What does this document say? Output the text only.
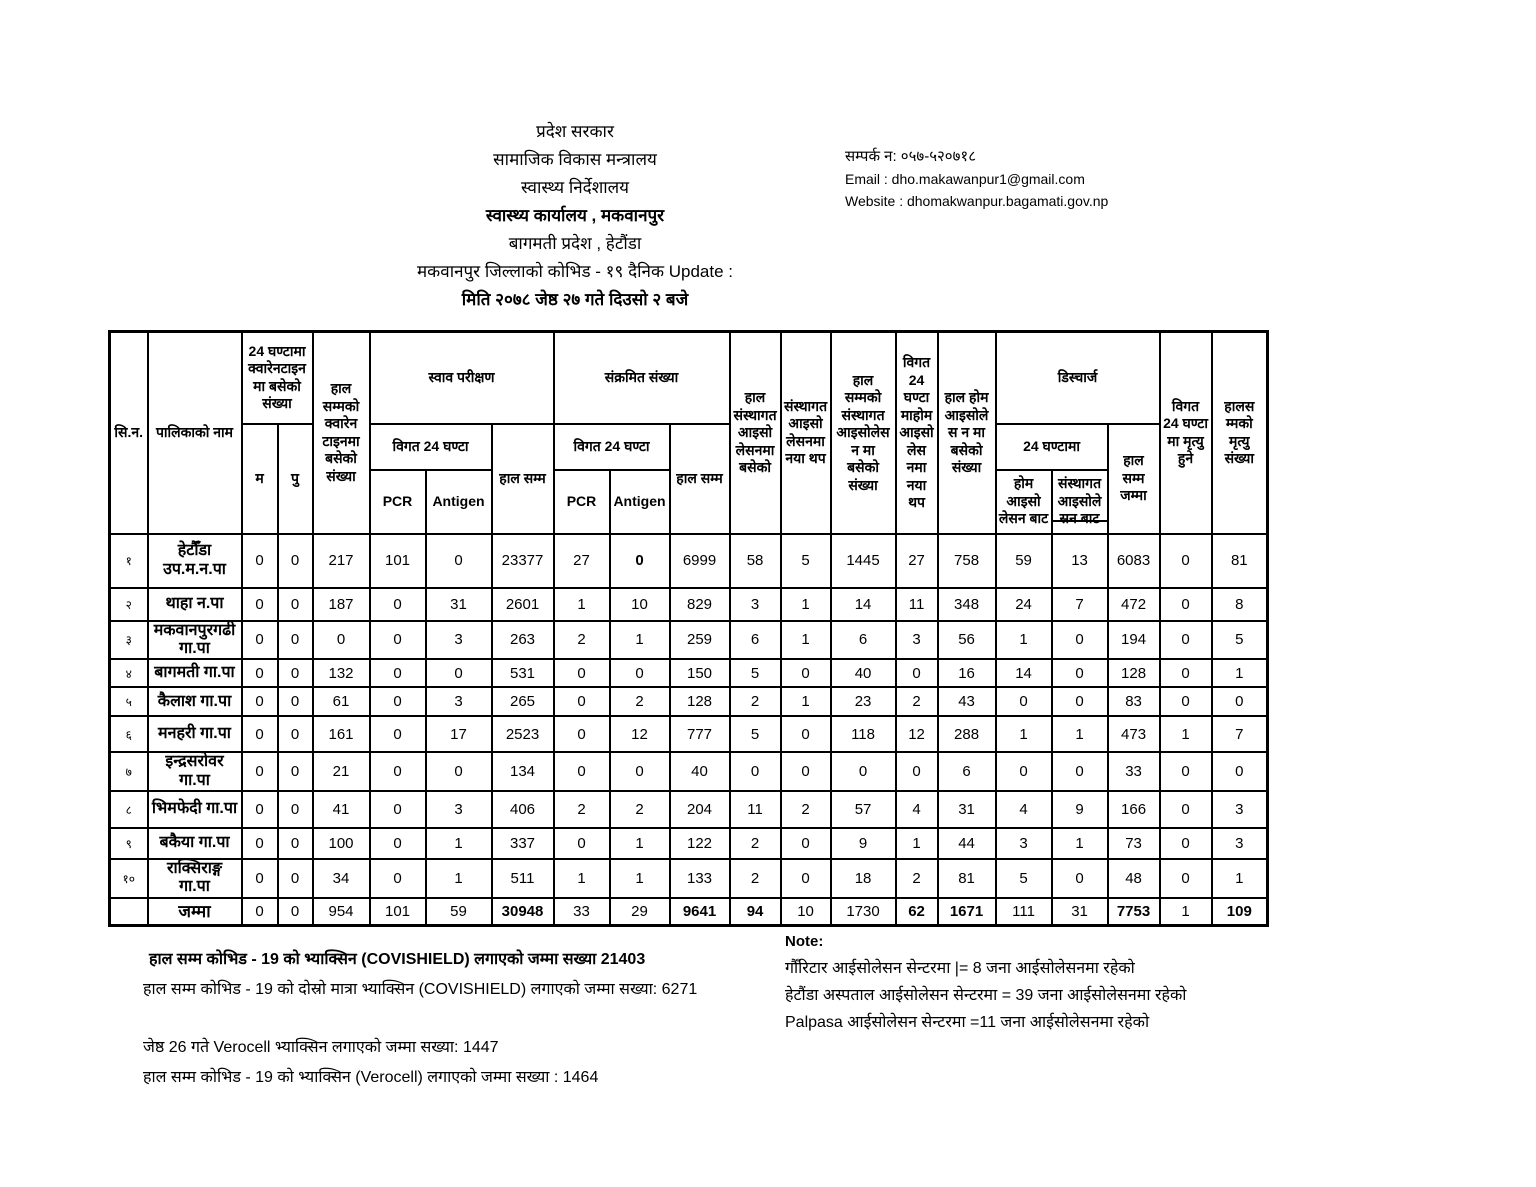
प्रदेश सरकार
सामाजिक विकास मन्त्रालय
स्वास्थ्य निर्देशालय
स्वास्थ्य कार्यालय , मकवानपुर
बागमती प्रदेश , हेटौंडा
मकवानपुर जिल्लाको कोभिड - १९ दैनिक Update :
मिति २०७८ जेष्ठ २७ गते दिउसो २ बजे
सम्पर्क न: ०५७-५२०७१८
Email : dho.makawanpur1@gmail.com
Website : dhomakwanpur.bagamati.gov.np
सि.न.	पालिकाको नाम	24 घण्टामा क्वारेनटाइनमा बसेको संख्या		हाल सम्मको क्वारेन टाइनमा बसेको संख्या	स्वाव परीक्षण			संक्रमित संख्या			हाल संस्थागत आइसो लेसनमा बसेको	संस्थागत आइसो लेसनमा नया थप	हाल सम्मको संस्थागत आइसोलेसन मा बसेको संख्या	विगत 24 घण्टामाहोम आइसोलेस नमा नया थप	हाल होम आइसोलेस न मा बसेको संख्या	डिस्चार्ज			विगत 24 घण्टा मा मृत्यु हुने	हालस म्मको मृत्यु संख्या
		म	पु		विगत 24 घण्टा		हाल सम्म	विगत 24 घण्टा		हाल सम्म						24 घण्टामा		हाल सम्म जम्मा		
					PCR	Antigen		PCR	Antigen							होम आइसो लेसन बाट	संस्थागत आइसोले सन बाट			
१	हेटौँडा उप.म.न.पा	0	0	217	101	0	23377	27	0	6999	58	5	1445	27	758	59	13	6083	0	81
२	थाहा न.पा	0	0	187	0	31	2601	1	10	829	3	1	14	11	348	24	7	472	0	8
३	मकवानपुरगढी गा.पा	0	0	0	0	3	263	2	1	259	6	1	6	3	56	1	0	194	0	5
४	बागमती गा.पा	0	0	132	0	0	531	0	0	150	5	0	40	0	16	14	0	128	0	1
५	कैलाश गा.पा	0	0	61	0	3	265	0	2	128	2	1	23	2	43	0	0	83	0	0
६	मनहरी गा.पा	0	0	161	0	17	2523	0	12	777	5	0	118	12	288	1	1	473	1	7
७	इन्द्रसरोवर गा.पा	0	0	21	0	0	134	0	0	40	0	0	0	0	6	0	0	33	0	0
८	भिमफेदी गा.पा	0	0	41	0	3	406	2	2	204	11	2	57	4	31	4	9	166	0	3
९	बकैया गा.पा	0	0	100	0	1	337	0	1	122	2	0	9	1	44	3	1	73	0	3
१०	राक्सिराङ्ग गा.पा	0	0	34	0	1	511	1	1	133	2	0	18	2	81	5	0	48	0	1
	जम्मा	0	0	954	101	59	30948	33	29	9641	94	10	1730	62	1671	111	31	7753	1	109
हाल सम्म कोभिड - 19 को भ्याक्सिन (COVISHIELD) लगाएको जम्मा सख्या 21403
हाल सम्म कोभिड - 19 को दोस्रो मात्रा भ्याक्सिन (COVISHIELD) लगाएको जम्मा सख्या: 6271
जेष्ठ 26 गते Verocell भ्याक्सिन लगाएको जम्मा सख्या: 1447
हाल सम्म कोभिड - 19 को भ्याक्सिन (Verocell) लगाएको जम्मा सख्या : 1464
Note:
गौँरिटार आईसोलेसन सेन्टरमा |= 8 जना आईसोलेसनमा रहेको
हेटौंडा अस्पताल आईसोलेसन सेन्टरमा = 39 जना आईसोलेसनमा रहेको
Palpasa आईसोलेसन सेन्टरमा =11 जना आईसोलेसनमा रहेको
